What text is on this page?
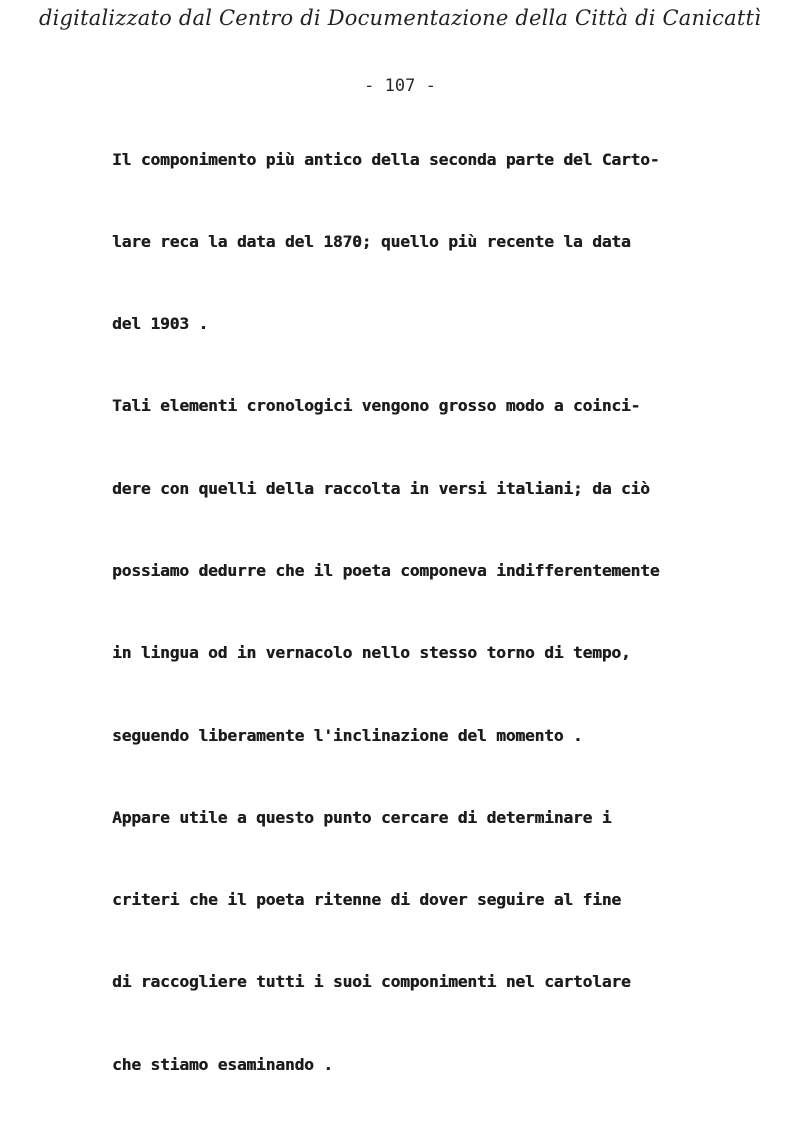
digitalizzato dal Centro di Documentazione della Città di Canicattì
- 107 -
Il componimento più antico della seconda parte del Carto-
lare reca la data del 1870; quello più recente la data
del 1903 .
Tali elementi cronologici vengono grosso modo a coinci-
dere con quelli della raccolta in versi italiani; da ciò
possiamo dedurre che il poeta componeva indifferentemente
in lingua od in vernacolo nello stesso torno di tempo,
seguendo liberamente l'inclinazione del momento .
Appare utile a questo punto cercare di determinare i
criteri che il poeta ritenne di dover seguire al fine
di raccogliere tutti i suoi componimenti nel cartolare
che stiamo esaminando .
